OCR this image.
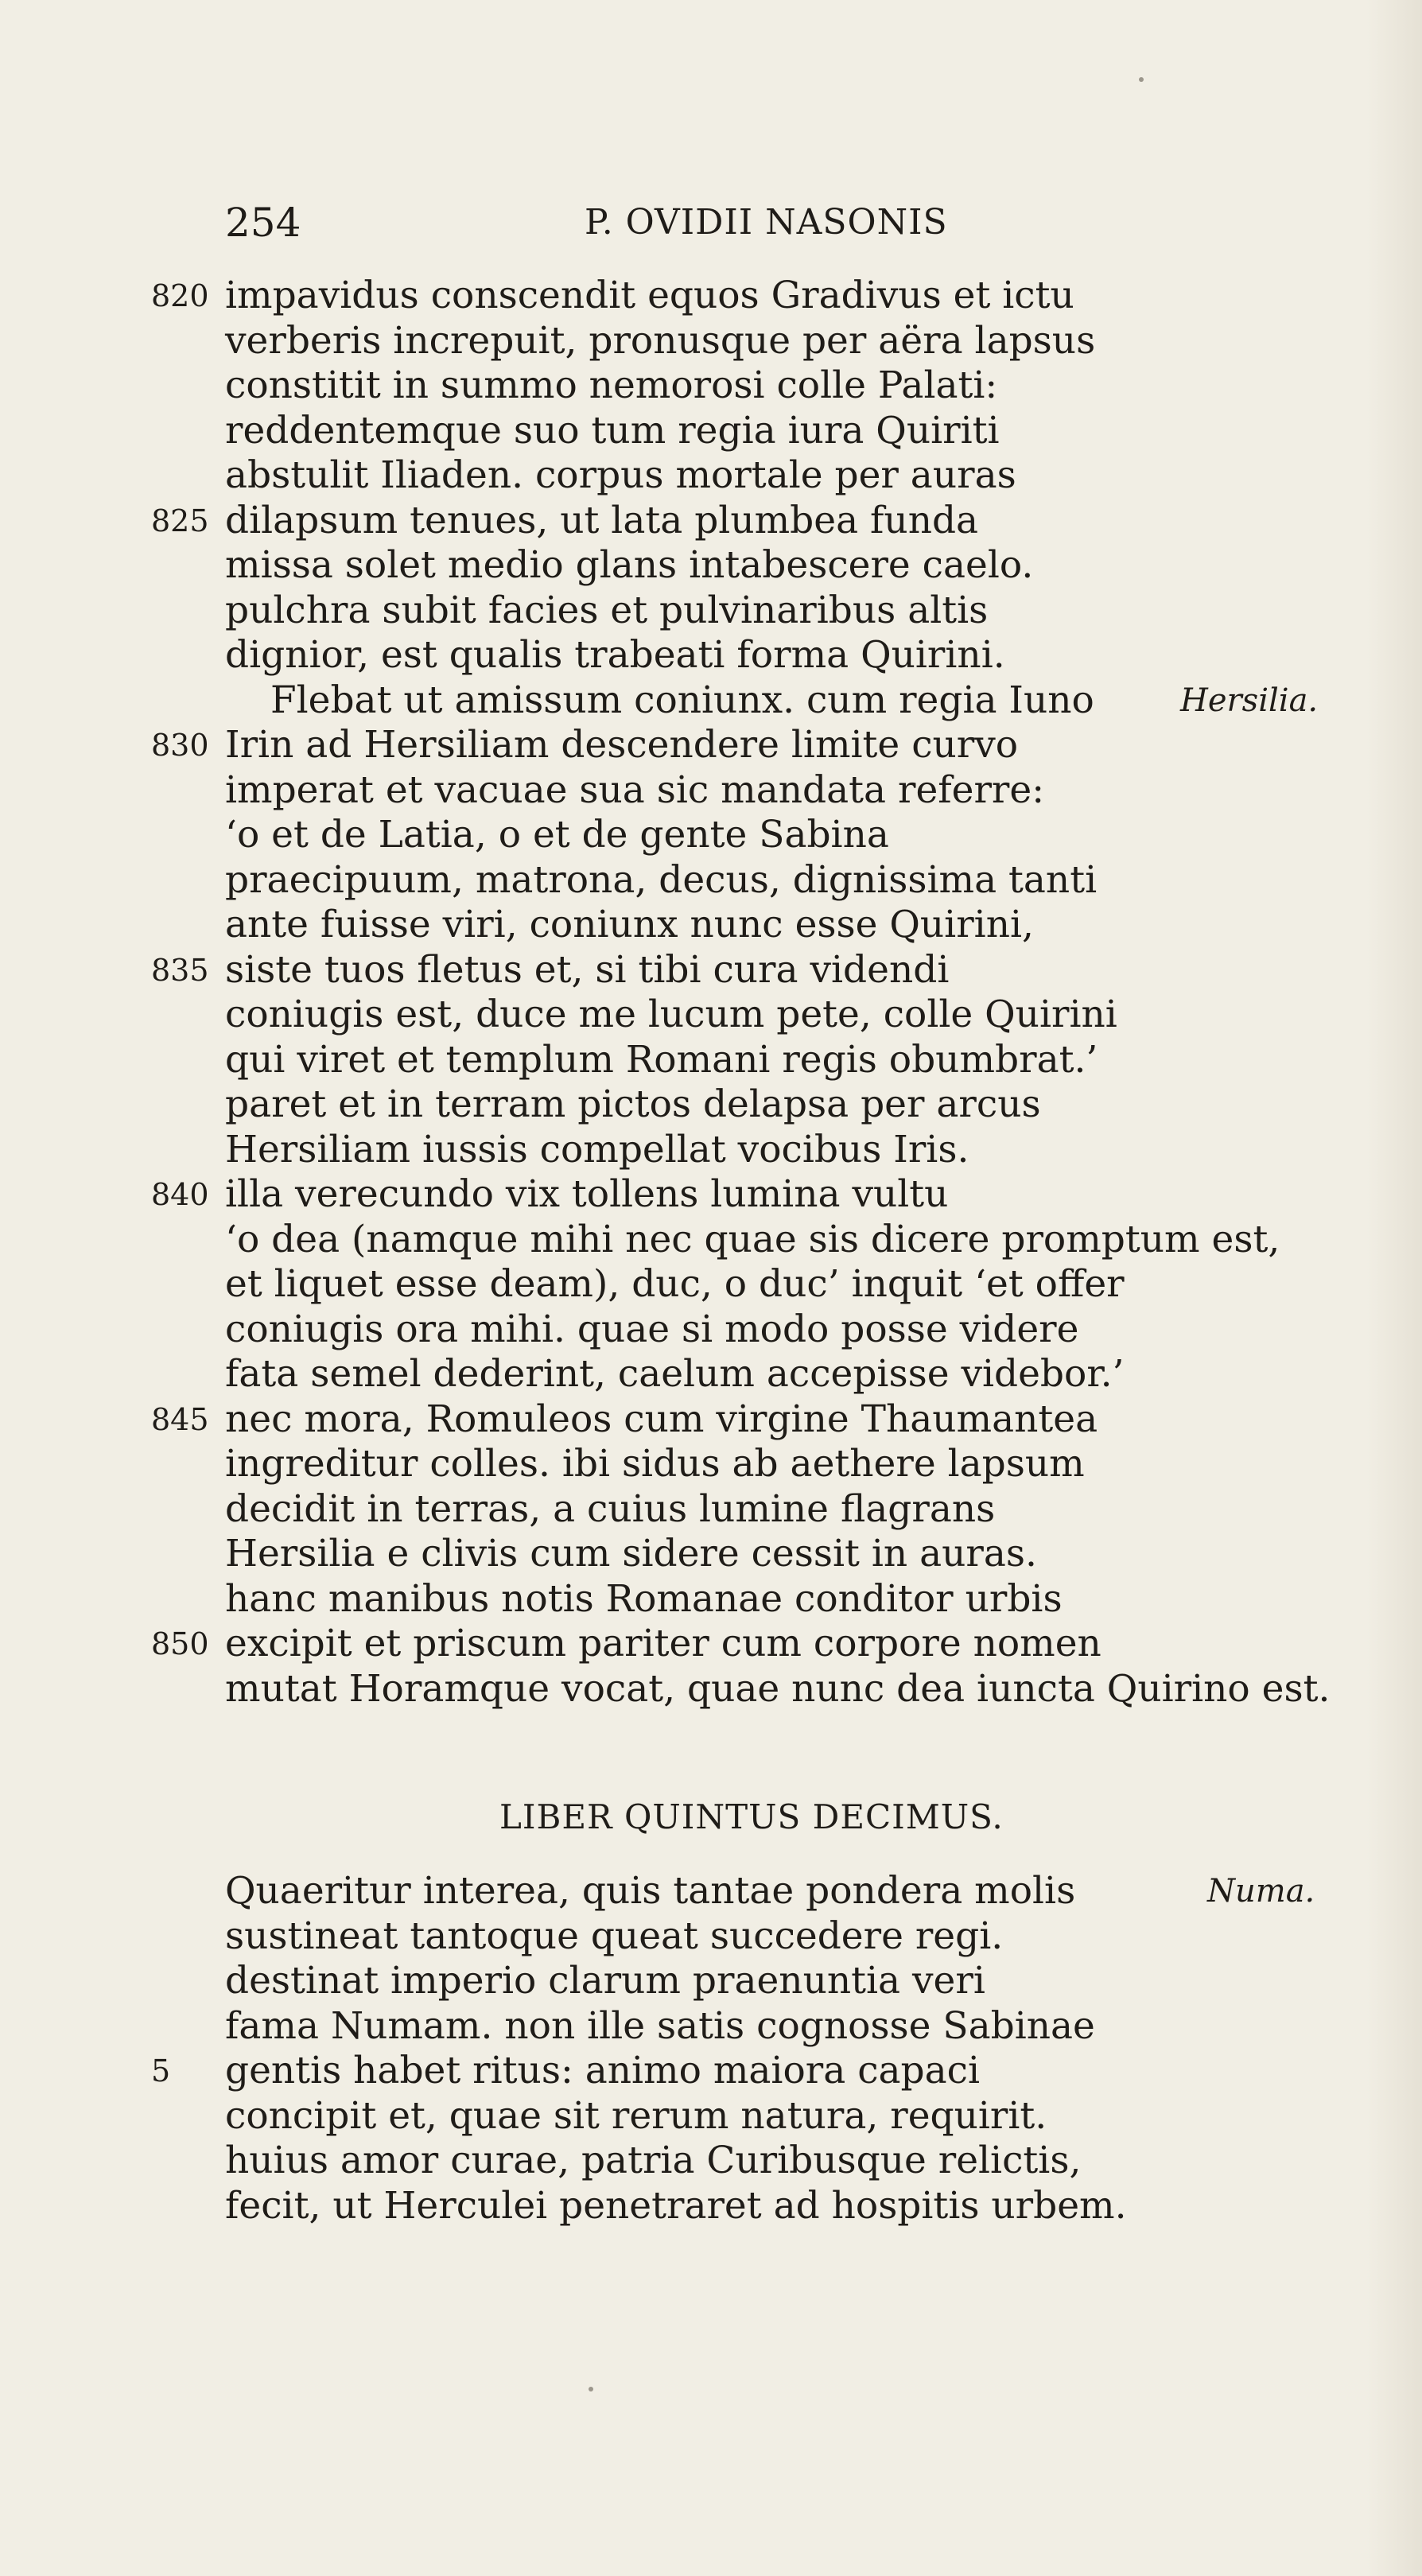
254	P. OVIDII NASONIS
820 impavidus conscendit equos Gradivus et ictu
verberis increpuit, pronusque per aëra lapsus
constitit in summo nemorosi colle Palati:
reddentemque suo tum regia iura Quiriti
abstulit Iliaden. corpus mortale per auras
825 dilapsum tenues, ut lata plumbea funda
missa solet medio glans intabescere caelo.
pulchra subit facies et pulvinaribus altis
dignior, est qualis trabeati forma Quirini.
Flebat ut amissum coniunx. cum regia Iuno	Hersilia.
830 Irin ad Hersiliam descendere limite curvo
imperat et vacuae sua sic mandata referre:
‘o et de Latia, o et de gente Sabina
praecipuum, matrona, decus, dignissima tanti
ante fuisse viri, coniunx nunc esse Quirini,
835 siste tuos fletus et, si tibi cura videndi
coniugis est, duce me lucum pete, colle Quirini
qui viret et templum Romani regis obumbrat.’
paret et in terram pictos delapsa per arcus
Hersiliam iussis compellat vocibus Iris.
840 illa verecundo vix tollens lumina vultu
‘o dea (namque mihi nec quae sis dicere promptum est,
et liquet esse deam), duc, o duc’ inquit ‘et offer
coniugis ora mihi. quae si modo posse videre
fata semel dederint, caelum accepisse videbor.’
845 nec mora, Romuleos cum virgine Thaumantea
ingreditur colles. ibi sidus ab aethere lapsum
decidit in terras, a cuius lumine flagrans
Hersilia e clivis cum sidere cessit in auras.
hanc manibus notis Romanae conditor urbis
850 excipit et priscum pariter cum corpore nomen
mutat Horamque vocat, quae nunc dea iuncta Quirino est.
LIBER QUINTUS DECIMUS.
Quaeritur interea, quis tantae pondera molis	Numa.
sustineat tantoque queat succedere regi.
destinat imperio clarum praenuntia veri
fama Numam. non ille satis cognosse Sabinae
5	gentis habet ritus: animo maiora capaci
concipit et, quae sit rerum natura, requirit.
huius amor curae, patria Curibusque relictis,
fecit, ut Herculei penetraret ad hospitis urbem.
